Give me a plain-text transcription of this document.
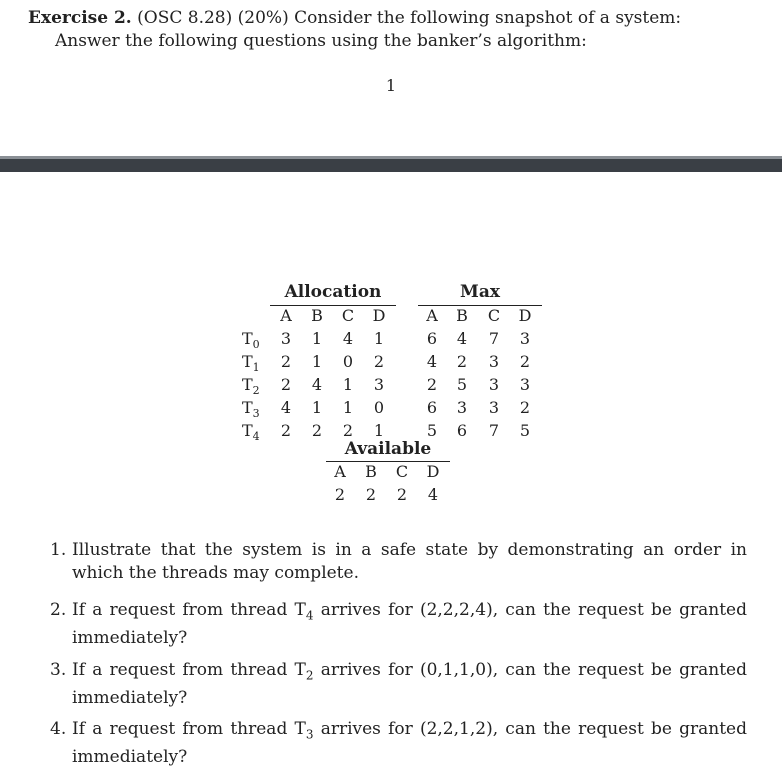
Exercise 2. (OSC 8.28) (20%) Consider the following snapshot of a system:
Answer the following questions using the banker’s algorithm:
1
Allocation	Max
A	B	C	D	A	B	C	D
$T_0$	3	1	4	1	6	4	7	3
$T_1$	2	1	0	2	4	2	3	2
$T_2$	2	4	1	3	2	5	3	3
$T_3$	4	1	1	0	6	3	3	2
$T_4$	2	2	2	1	5	6	7	5
Available
A	B	C	D
2	2	2	4
1. Illustrate that the system is in a safe state by demonstrating an order in which the threads may complete.
2. If a request from thread $T_4$ arrives for (2,2,2,4), can the request be granted immediately?
3. If a request from thread $T_2$ arrives for (0,1,1,0), can the request be granted immediately?
4. If a request from thread $T_3$ arrives for (2,2,1,2), can the request be granted immediately?
